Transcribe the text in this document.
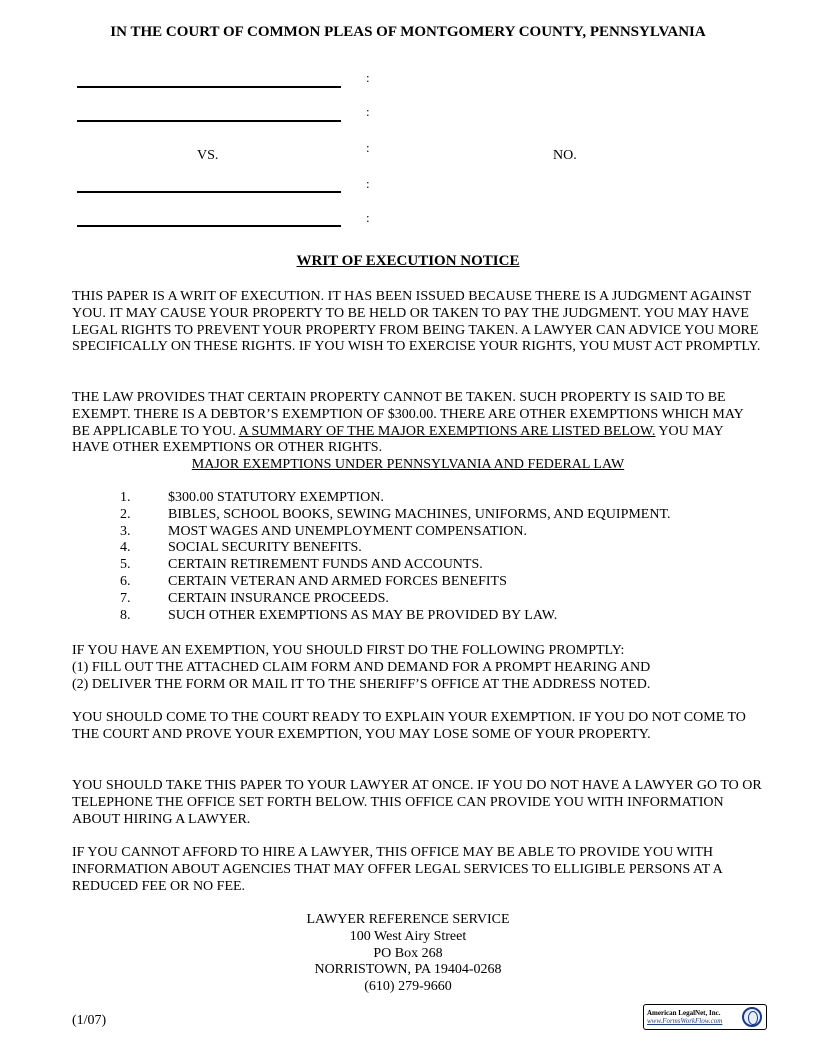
IN THE COURT OF COMMON PLEAS OF MONTGOMERY COUNTY, PENNSYLVANIA
:
:
:
:
:
VS.	NO.
WRIT OF EXECUTION NOTICE
THIS PAPER IS A WRIT OF EXECUTION. IT HAS BEEN ISSUED BECAUSE THERE IS A JUDGMENT AGAINST YOU. IT MAY CAUSE YOUR PROPERTY TO BE HELD OR TAKEN TO PAY THE JUDGMENT. YOU MAY HAVE LEGAL RIGHTS TO PREVENT YOUR PROPERTY FROM BEING TAKEN. A LAWYER CAN ADVICE YOU MORE SPECIFICALLY ON THESE RIGHTS. IF YOU WISH TO EXERCISE YOUR RIGHTS, YOU MUST ACT PROMPTLY.
THE LAW PROVIDES THAT CERTAIN PROPERTY CANNOT BE TAKEN. SUCH PROPERTY IS SAID TO BE EXEMPT. THERE IS A DEBTOR’S EXEMPTION OF $300.00. THERE ARE OTHER EXEMPTIONS WHICH MAY BE APPLICABLE TO YOU. A SUMMARY OF THE MAJOR EXEMPTIONS ARE LISTED BELOW. YOU MAY HAVE OTHER EXEMPTIONS OR OTHER RIGHTS.
MAJOR EXEMPTIONS UNDER PENNSYLVANIA AND FEDERAL LAW
1.	$300.00 STATUTORY EXEMPTION.
2.	BIBLES, SCHOOL BOOKS, SEWING MACHINES, UNIFORMS, AND EQUIPMENT.
3.	MOST WAGES AND UNEMPLOYMENT COMPENSATION.
4.	SOCIAL SECURITY BENEFITS.
5.	CERTAIN RETIREMENT FUNDS AND ACCOUNTS.
6.	CERTAIN VETERAN AND ARMED FORCES BENEFITS
7.	CERTAIN INSURANCE PROCEEDS.
8.	SUCH OTHER EXEMPTIONS AS MAY BE PROVIDED BY LAW.
IF YOU HAVE AN EXEMPTION, YOU SHOULD FIRST DO THE FOLLOWING PROMPTLY:
(1) FILL OUT THE ATTACHED CLAIM FORM AND DEMAND FOR A PROMPT HEARING AND
(2) DELIVER THE FORM OR MAIL IT TO THE SHERIFF’S OFFICE AT THE ADDRESS NOTED.
YOU SHOULD COME TO THE COURT READY TO EXPLAIN YOUR EXEMPTION. IF YOU DO NOT COME TO THE COURT AND PROVE YOUR EXEMPTION, YOU MAY LOSE SOME OF YOUR PROPERTY.
YOU SHOULD TAKE THIS PAPER TO YOUR LAWYER AT ONCE. IF YOU DO NOT HAVE A LAWYER GO TO OR TELEPHONE THE OFFICE SET FORTH BELOW. THIS OFFICE CAN PROVIDE YOU WITH INFORMATION ABOUT HIRING A LAWYER.
IF YOU CANNOT AFFORD TO HIRE A LAWYER, THIS OFFICE MAY BE ABLE TO PROVIDE YOU WITH INFORMATION ABOUT AGENCIES THAT MAY OFFER LEGAL SERVICES TO ELLIGIBLE PERSONS AT A REDUCED FEE OR NO FEE.
LAWYER REFERENCE SERVICE
100 West Airy Street
PO Box 268
NORRISTOWN, PA 19404-0268
(610) 279-9660
(1/07)	American LegalNet, Inc.
www.FormsWorkFlow.com
